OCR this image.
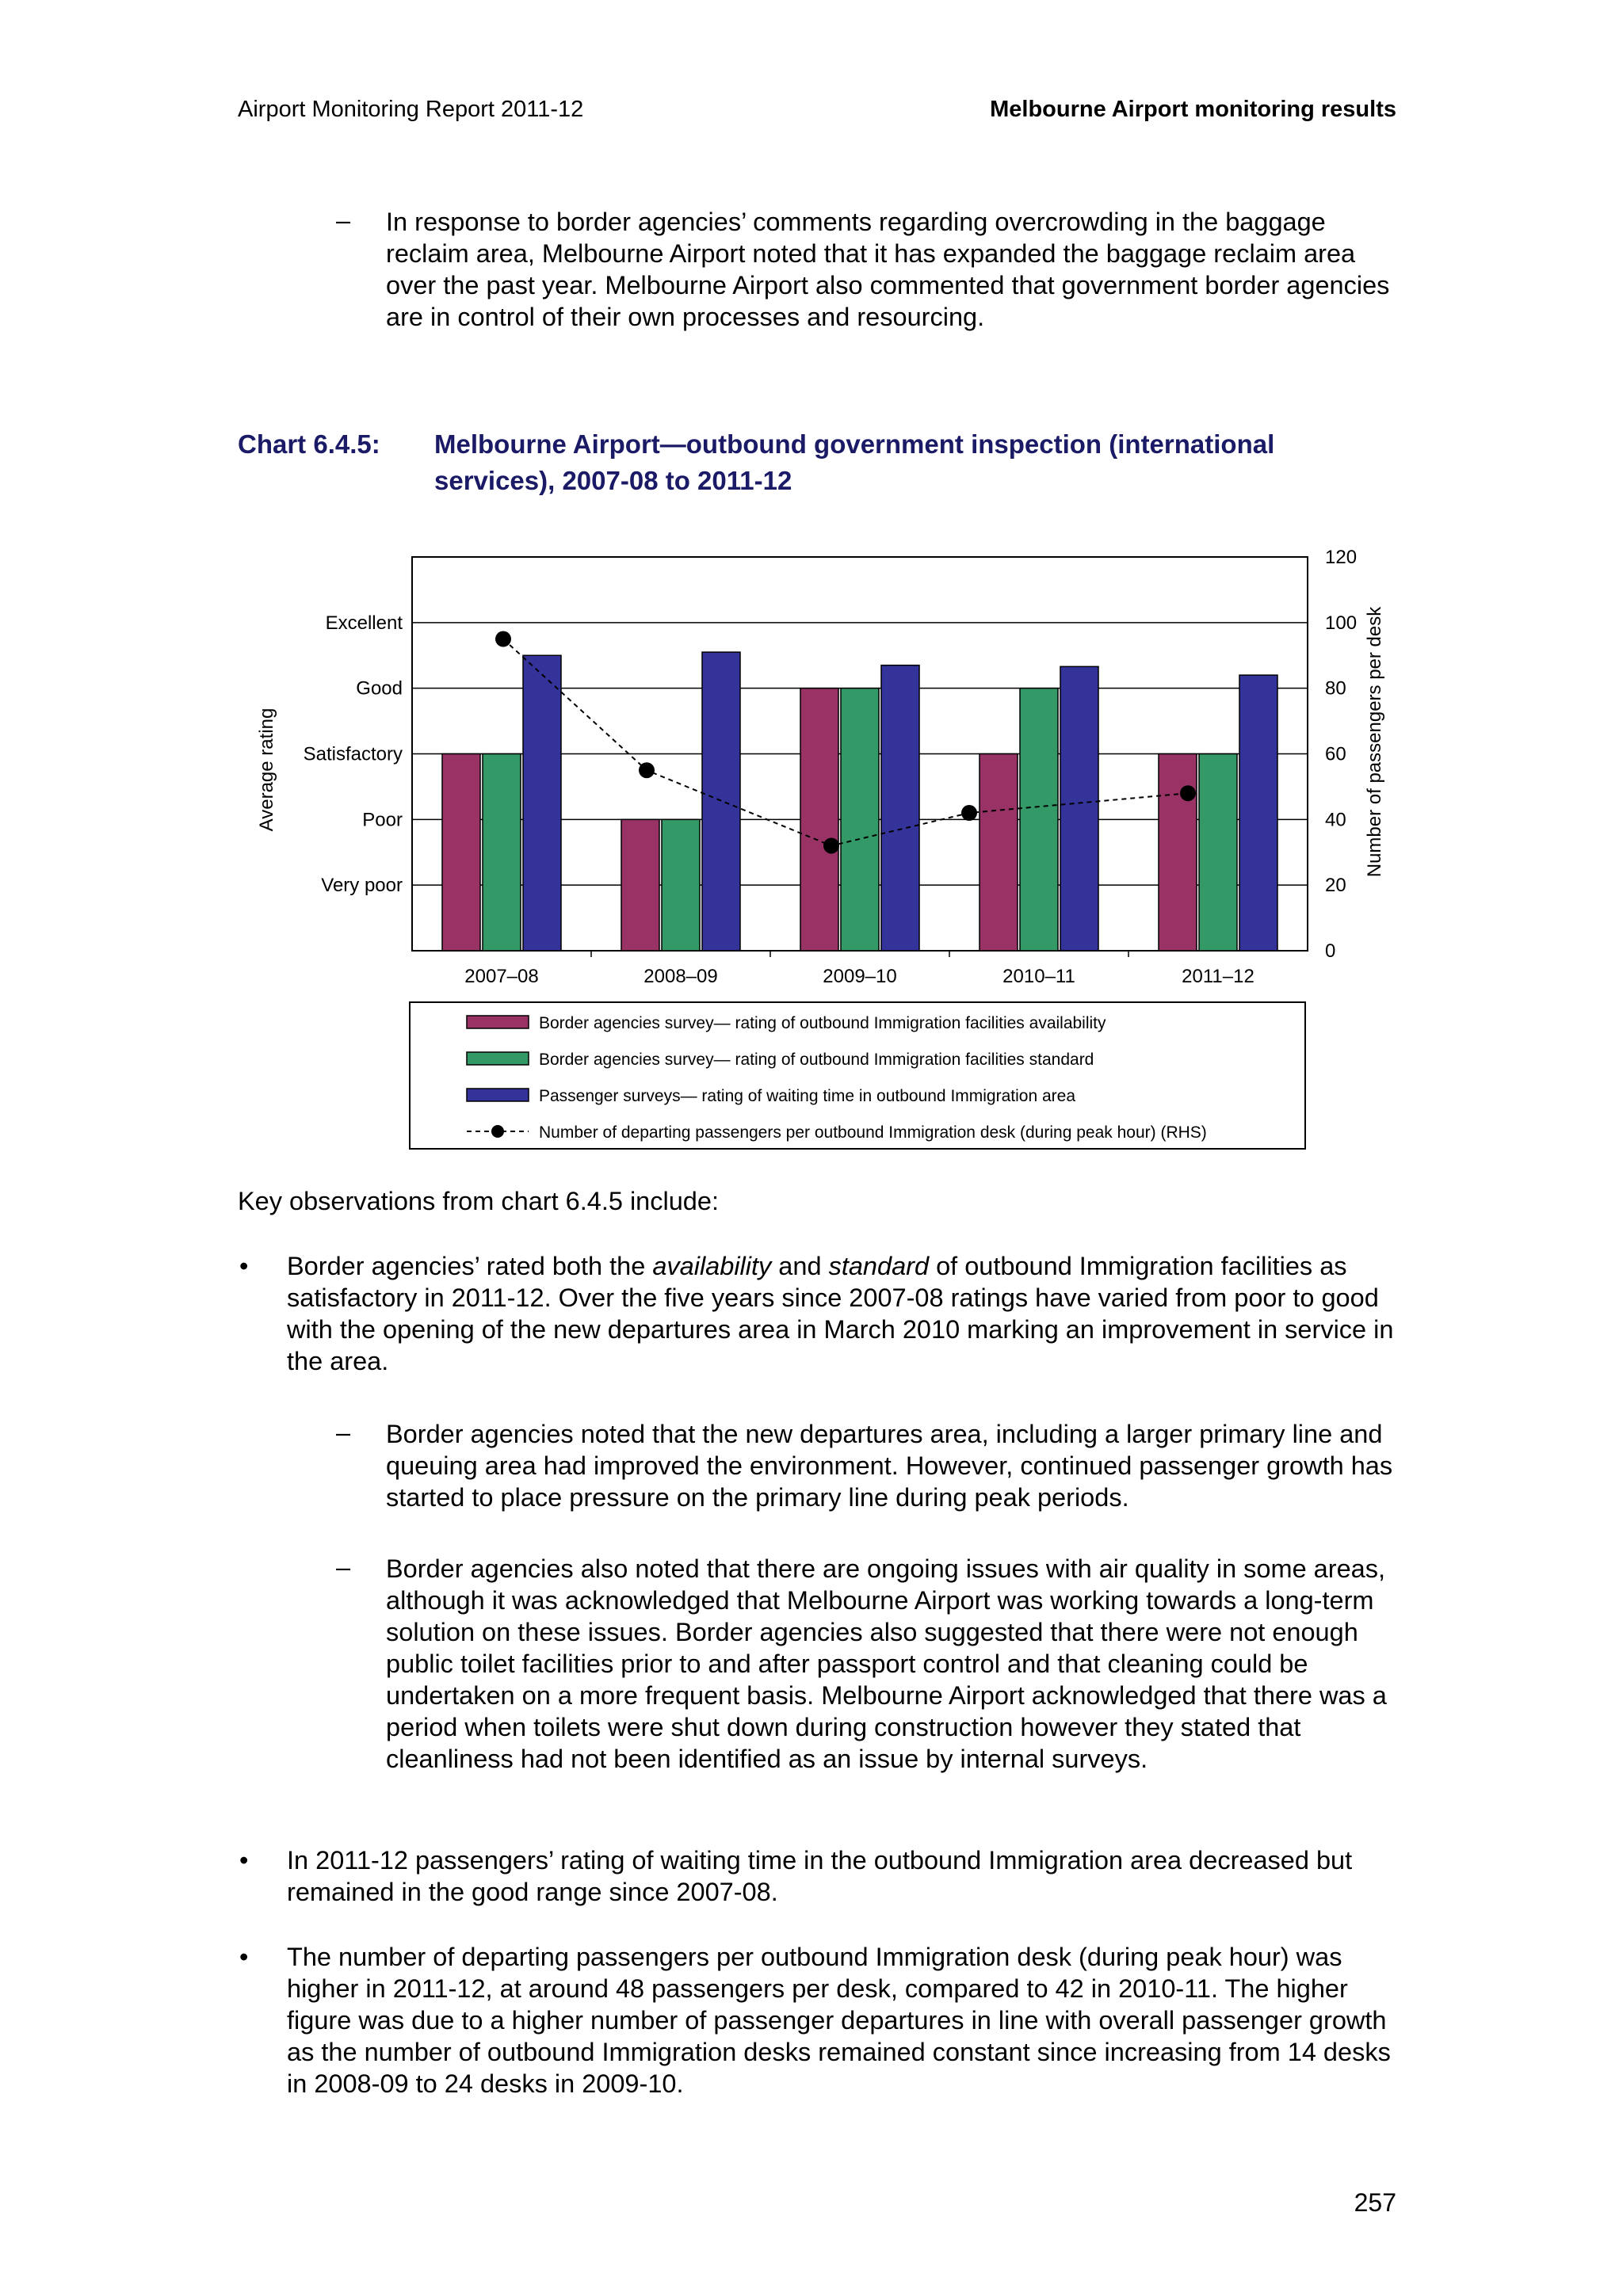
Airport Monitoring Report 2011-12	Melbourne Airport monitoring results
– In response to border agencies’ comments regarding overcrowding in the baggage reclaim area, Melbourne Airport noted that it has expanded the baggage reclaim area over the past year. Melbourne Airport also commented that government border agencies are in control of their own processes and resourcing.

Chart 6.4.5: Melbourne Airport—outbound government inspection (international services), 2007-08 to 2011-12
Very poor
Poor
Satisfactory
Good
Excellent
0
20
40
60
80
100
120
Average rating	Number of passengers per desk
2007–08	2008–09	2009–10	2010–11	2011–12
Border agencies survey— rating of outbound Immigration facilities availability
Border agencies survey— rating of outbound Immigration facilities standard
Passenger surveys— rating of waiting time in outbound Immigration area
Number of departing passengers per outbound Immigration desk (during peak hour) (RHS)

Key observations from chart 6.4.5 include:

• Border agencies’ rated both the availability and standard of outbound Immigration facilities as satisfactory in 2011-12. Over the five years since 2007-08 ratings have varied from poor to good with the opening of the new departures area in March 2010 marking an improvement in service in the area.

– Border agencies noted that the new departures area, including a larger primary line and queuing area had improved the environment. However, continued passenger growth has started to place pressure on the primary line during peak periods.

– Border agencies also noted that there are ongoing issues with air quality in some areas, although it was acknowledged that Melbourne Airport was working towards a long-term solution on these issues. Border agencies also suggested that there were not enough public toilet facilities prior to and after passport control and that cleaning could be undertaken on a more frequent basis. Melbourne Airport acknowledged that there was a period when toilets were shut down during construction however they stated that cleanliness had not been identified as an issue by internal surveys.

• In 2011-12 passengers’ rating of waiting time in the outbound Immigration area decreased but remained in the good range since 2007-08.

• The number of departing passengers per outbound Immigration desk (during peak hour) was higher in 2011-12, at around 48 passengers per desk, compared to 42 in 2010-11. The higher figure was due to a higher number of passenger departures in line with overall passenger growth as the number of outbound Immigration desks remained constant since increasing from 14 desks in 2008-09 to 24 desks in 2009-10.

257
